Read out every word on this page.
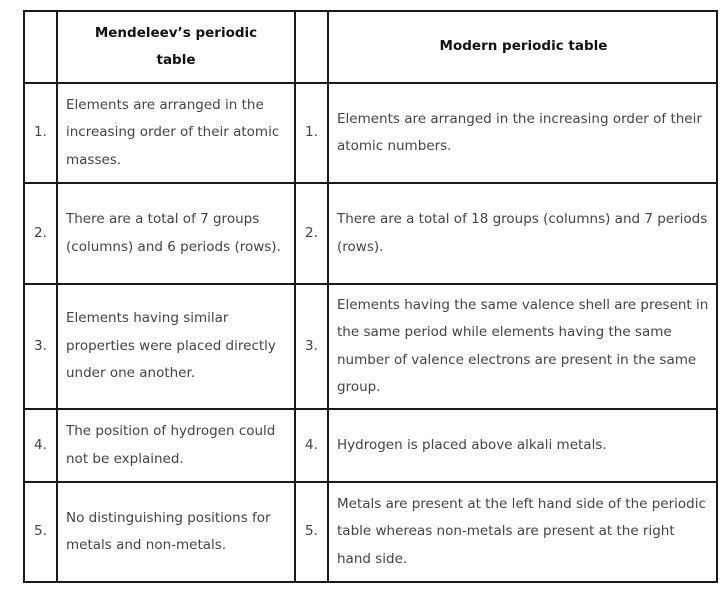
	Mendeleev’s periodic table		Modern periodic table
1.	Elements are arranged in the increasing order of their atomic masses.	1.	Elements are arranged in the increasing order of their atomic numbers.
2.	There are a total of 7 groups (columns) and 6 periods (rows).	2.	There are a total of 18 groups (columns) and 7 periods (rows).
3.	Elements having similar properties were placed directly under one another.	3.	Elements having the same valence shell are present in the same period while elements having the same number of valence electrons are present in the same group.
4.	The position of hydrogen could not be explained.	4.	Hydrogen is placed above alkali metals.
5.	No distinguishing positions for metals and non-metals.	5.	Metals are present at the left hand side of the periodic table whereas non-metals are present at the right hand side.
